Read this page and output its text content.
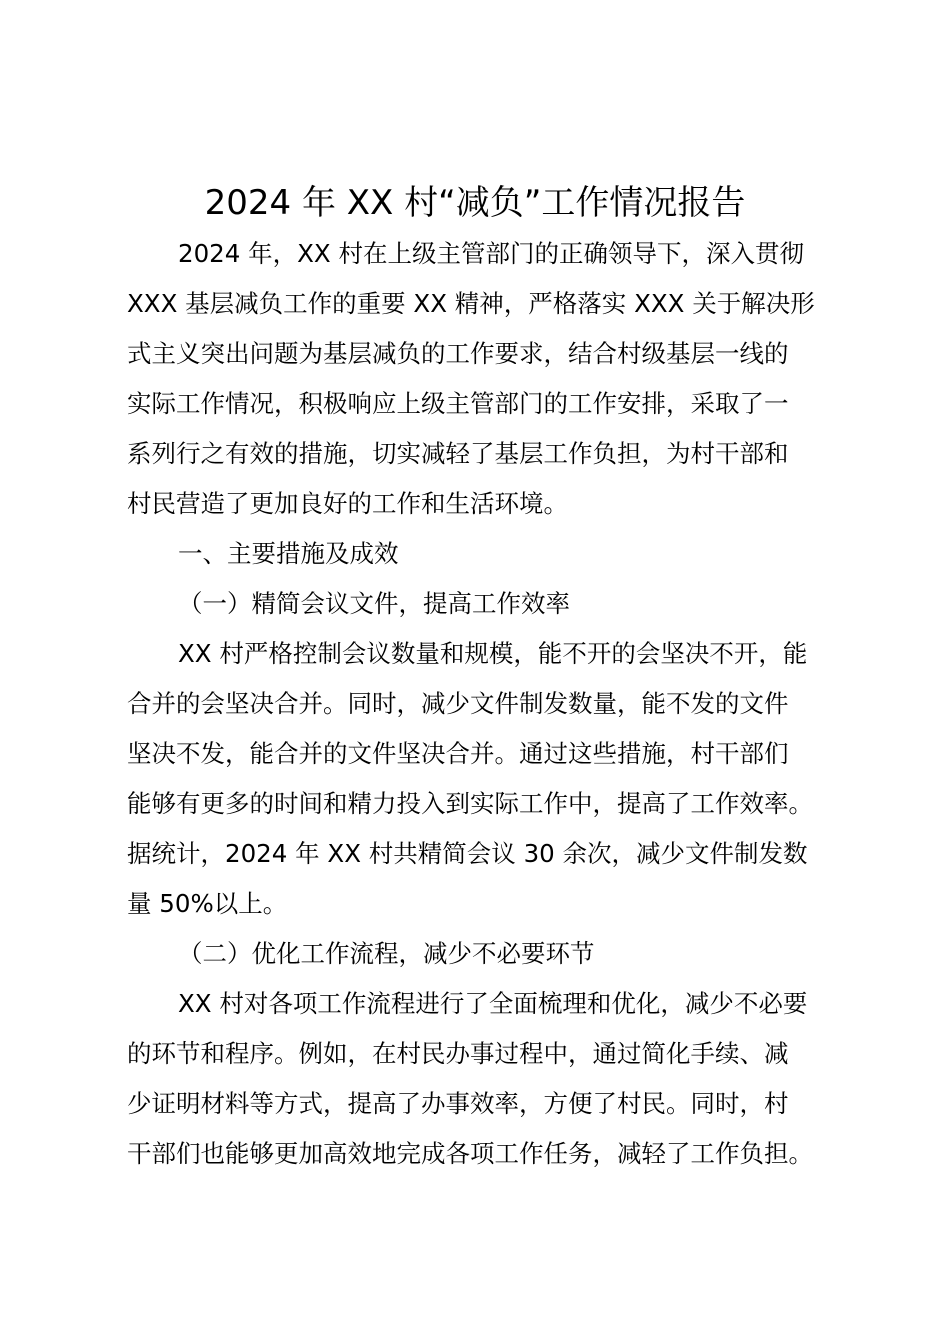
2024 年 XX 村“减负”工作情况报告
2024 年，XX 村在上级主管部门的正确领导下，深入贯彻
XXX 基层减负工作的重要 XX 精神，严格落实 XXX 关于解决形
式主义突出问题为基层减负的工作要求，结合村级基层一线的
实际工作情况，积极响应上级主管部门的工作安排，采取了一
系列行之有效的措施，切实减轻了基层工作负担，为村干部和
村民营造了更加良好的工作和生活环境。
一、主要措施及成效
（一）精简会议文件，提高工作效率
XX 村严格控制会议数量和规模，能不开的会坚决不开，能
合并的会坚决合并。同时，减少文件制发数量，能不发的文件
坚决不发，能合并的文件坚决合并。通过这些措施，村干部们
能够有更多的时间和精力投入到实际工作中，提高了工作效率。
据统计，2024 年 XX 村共精简会议 30 余次，减少文件制发数
量 50%以上。
（二）优化工作流程，减少不必要环节
XX 村对各项工作流程进行了全面梳理和优化，减少不必要
的环节和程序。例如，在村民办事过程中，通过简化手续、减
少证明材料等方式，提高了办事效率，方便了村民。同时，村
干部们也能够更加高效地完成各项工作任务，减轻了工作负担。
